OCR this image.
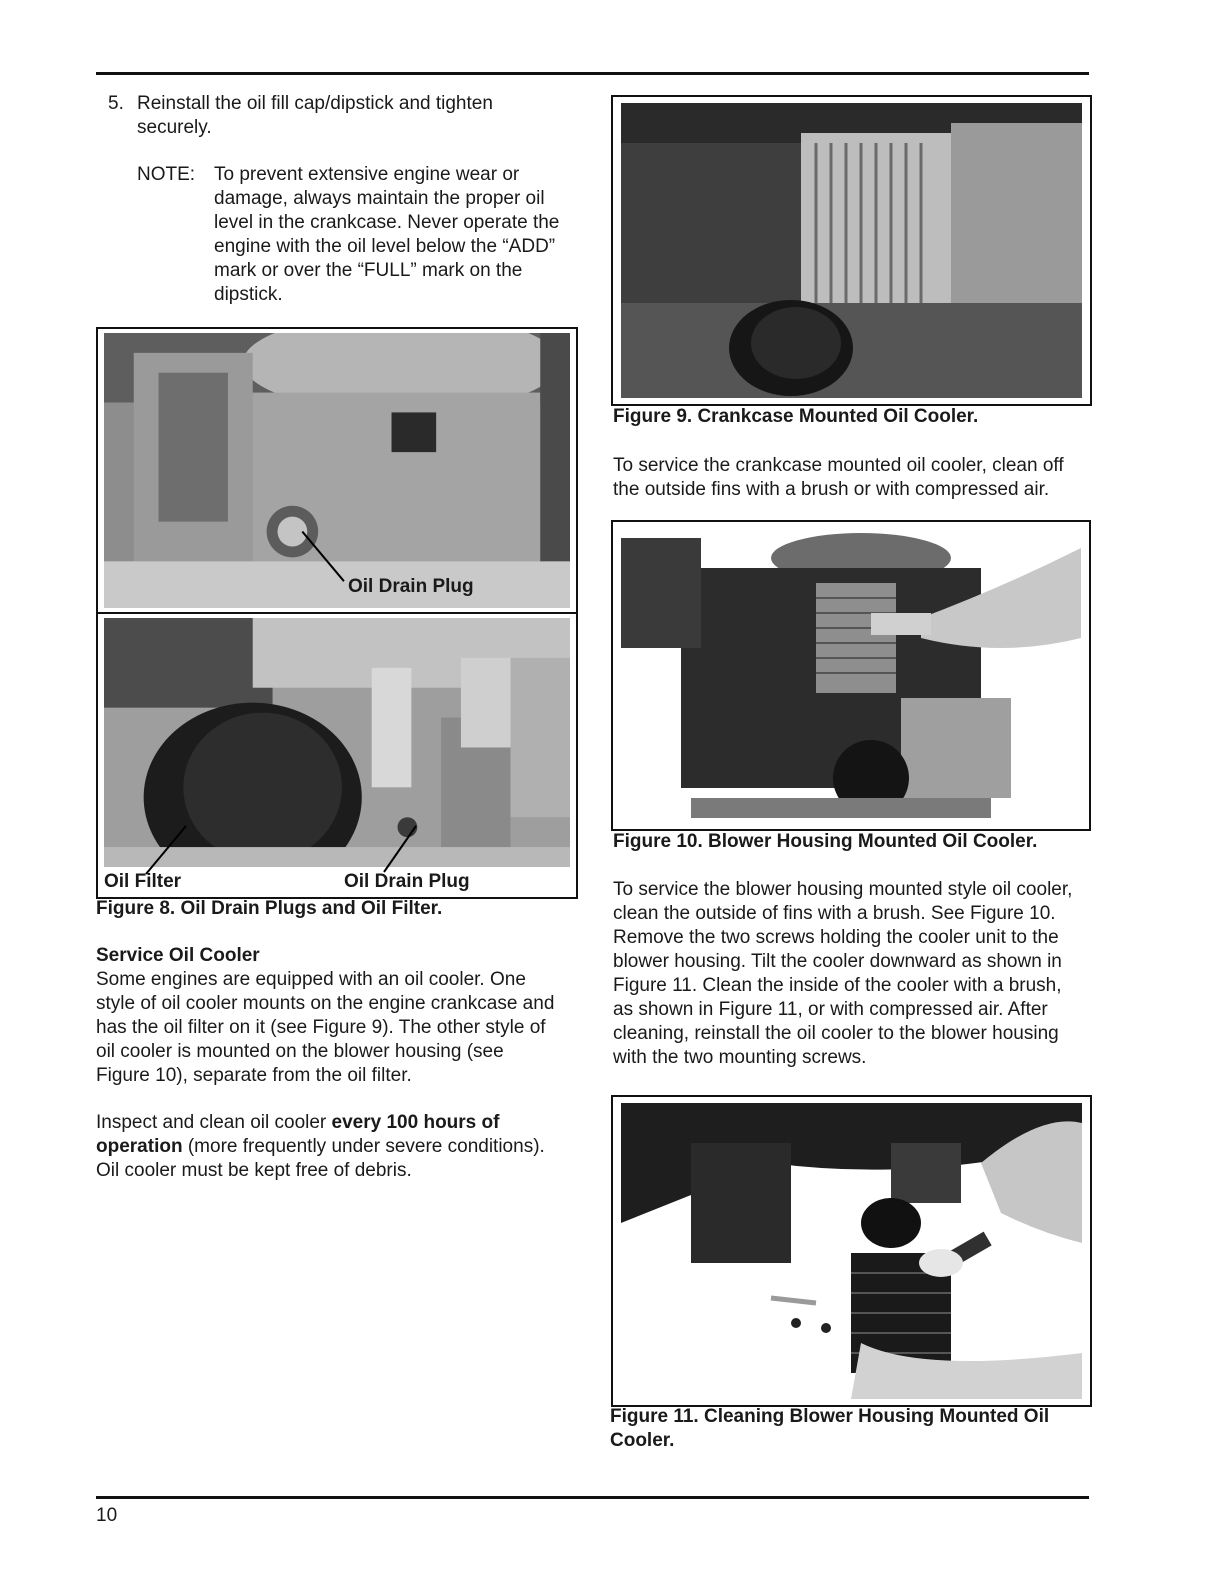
5. Reinstall the oil fill cap/dipstick and tighten
securely.
NOTE: To prevent extensive engine wear or
damage, always maintain the proper oil
level in the crankcase. Never operate the
engine with the oil level below the “ADD”
mark or over the “FULL” mark on the
dipstick.
Oil Drain Plug
Oil Filter	Oil Drain Plug
Figure 8. Oil Drain Plugs and Oil Filter.
Service Oil Cooler
Some engines are equipped with an oil cooler. One
style of oil cooler mounts on the engine crankcase and
has the oil filter on it (see Figure 9). The other style of
oil cooler is mounted on the blower housing (see
Figure 10), separate from the oil filter.
Inspect and clean oil cooler every 100 hours of
operation (more frequently under severe conditions).
Oil cooler must be kept free of debris.
Figure 9. Crankcase Mounted Oil Cooler.
To service the crankcase mounted oil cooler, clean off
the outside fins with a brush or with compressed air.
Figure 10. Blower Housing Mounted Oil Cooler.
To service the blower housing mounted style oil cooler,
clean the outside of fins with a brush. See Figure 10.
Remove the two screws holding the cooler unit to the
blower housing. Tilt the cooler downward as shown in
Figure 11. Clean the inside of the cooler with a brush,
as shown in Figure 11, or with compressed air. After
cleaning, reinstall the oil cooler to the blower housing
with the two mounting screws.
Figure 11. Cleaning Blower Housing Mounted Oil
Cooler.
10
